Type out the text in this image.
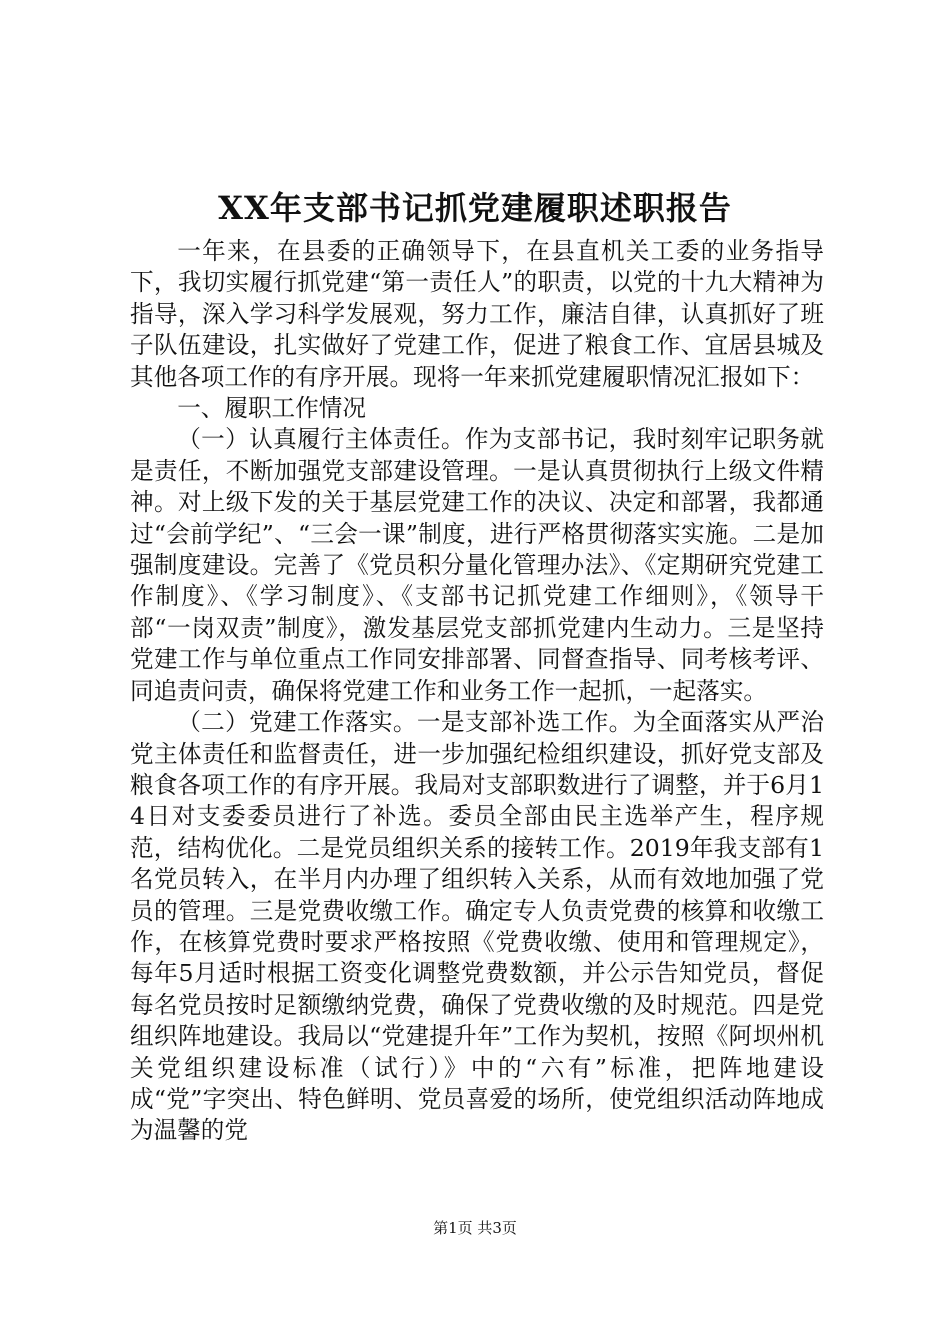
XX年支部书记抓党建履职述职报告

一年来，在县委的正确领导下，在县直机关工委的业务指导下，我切实履行抓党建“第一责任人”的职责，以党的十九大精神为指导，深入学习科学发展观，努力工作，廉洁自律，认真抓好了班子队伍建设，扎实做好了党建工作，促进了粮食工作、宜居县城及其他各项工作的有序开展。现将一年来抓党建履职情况汇报如下：

一、履职工作情况

（一）认真履行主体责任。作为支部书记，我时刻牢记职务就是责任，不断加强党支部建设管理。一是认真贯彻执行上级文件精神。对上级下发的关于基层党建工作的决议、决定和部署，我都通过“会前学纪”、“三会一课”制度，进行严格贯彻落实实施。二是加强制度建设。完善了《党员积分量化管理办法》、《定期研究党建工作制度》、《学习制度》、《支部书记抓党建工作细则》，《领导干部“一岗双责”制度》，激发基层党支部抓党建内生动力。三是坚持党建工作与单位重点工作同安排部署、同督查指导、同考核考评、同追责问责，确保将党建工作和业务工作一起抓，一起落实。

（二）党建工作落实。一是支部补选工作。为全面落实从严治党主体责任和监督责任，进一步加强纪检组织建设，抓好党支部及粮食各项工作的有序开展。我局对支部职数进行了调整，并于6月14日对支委委员进行了补选。委员全部由民主选举产生，程序规范，结构优化。二是党员组织关系的接转工作。2019年我支部有1名党员转入，在半月内办理了组织转入关系，从而有效地加强了党员的管理。三是党费收缴工作。确定专人负责党费的核算和收缴工作，在核算党费时要求严格按照《党费收缴、使用和管理规定》，每年5月适时根据工资变化调整党费数额，并公示告知党员，督促每名党员按时足额缴纳党费，确保了党费收缴的及时规范。四是党组织阵地建设。我局以“党建提升年”工作为契机，按照《阿坝州机关党组织建设标准（试行）》中的“六有”标准，把阵地建设成“党”字突出、特色鲜明、党员喜爱的场所，使党组织活动阵地成为温馨的党

第1页 共3页
